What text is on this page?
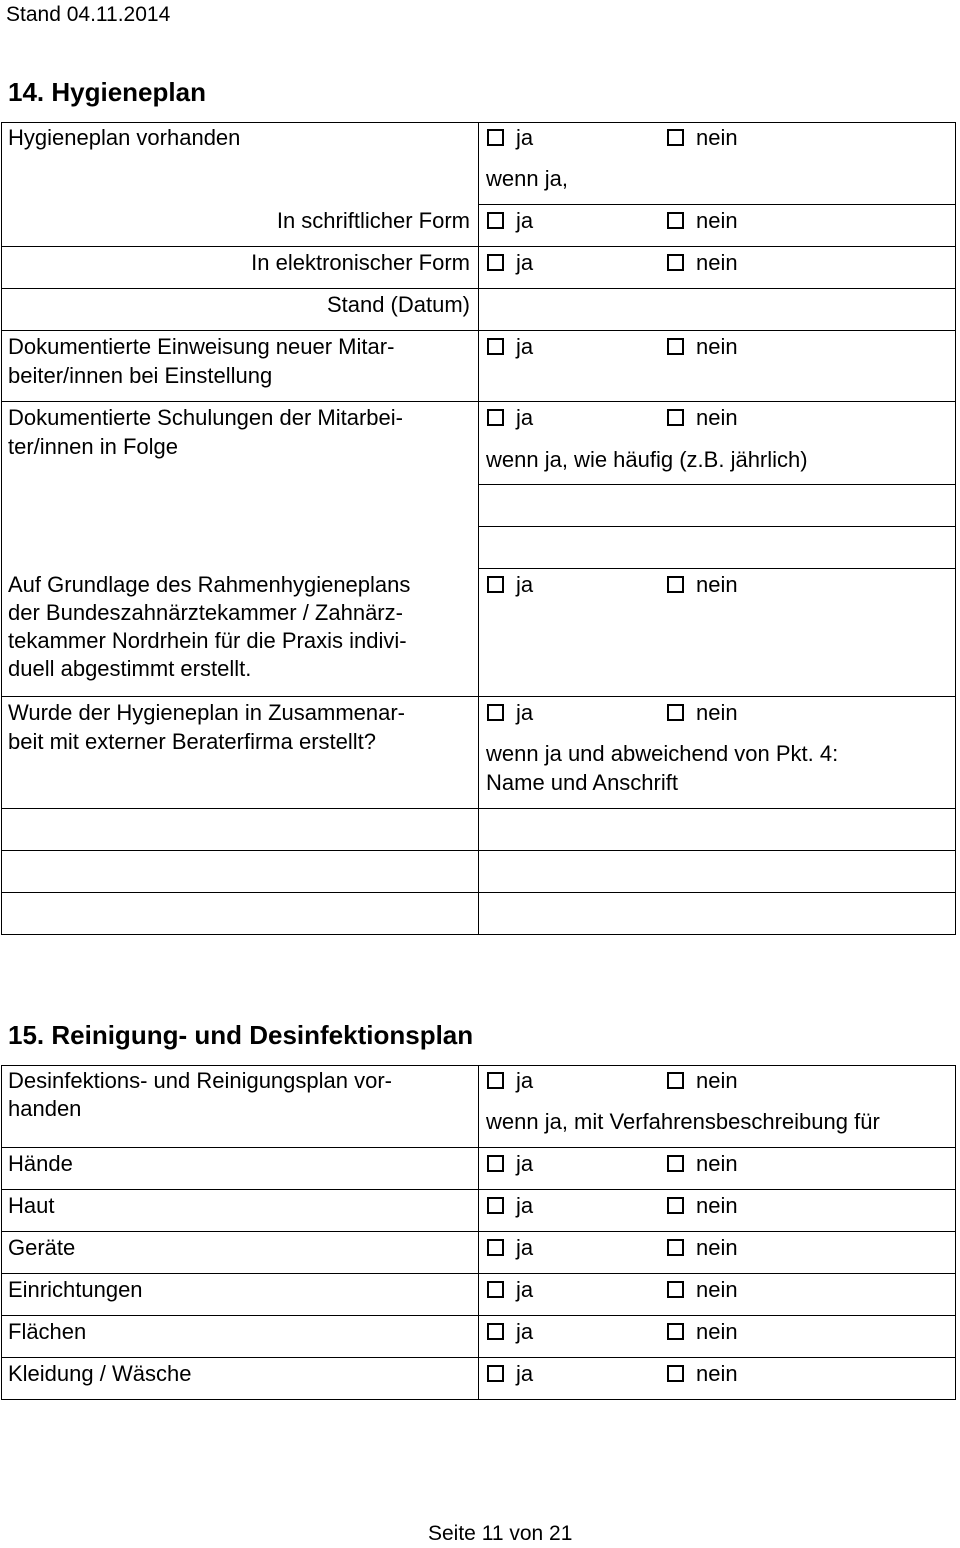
Stand 04.11.2014
14. Hygieneplan
Hygieneplan vorhanden	ja	nein
wenn ja,
In schriftlicher Form	ja	nein
In elektronischer Form	ja	nein
Stand (Datum)
Dokumentierte Einweisung neuer Mitar-
beiter/innen bei Einstellung
ja	nein
Dokumentierte Schulungen der Mitarbei-
ter/innen in Folge
ja	nein
wenn ja, wie häufig (z.B. jährlich)
Auf Grundlage des Rahmenhygieneplans
der Bundeszahnärztekammer / Zahnärz-
tekammer Nordrhein für die Praxis indivi-
duell abgestimmt erstellt.
ja	nein
Wurde der Hygieneplan in Zusammenar-
beit mit externer Beraterfirma erstellt?
ja	nein
wenn ja und abweichend von Pkt. 4:
Name und Anschrift
15. Reinigung- und Desinfektionsplan
Desinfektions- und Reinigungsplan vor-
handen
ja	nein
wenn ja, mit Verfahrensbeschreibung für
Hände	ja	nein
Haut	ja	nein
Geräte	ja	nein
Einrichtungen	ja	nein
Flächen	ja	nein
Kleidung / Wäsche	ja	nein
Seite 11 von 21
